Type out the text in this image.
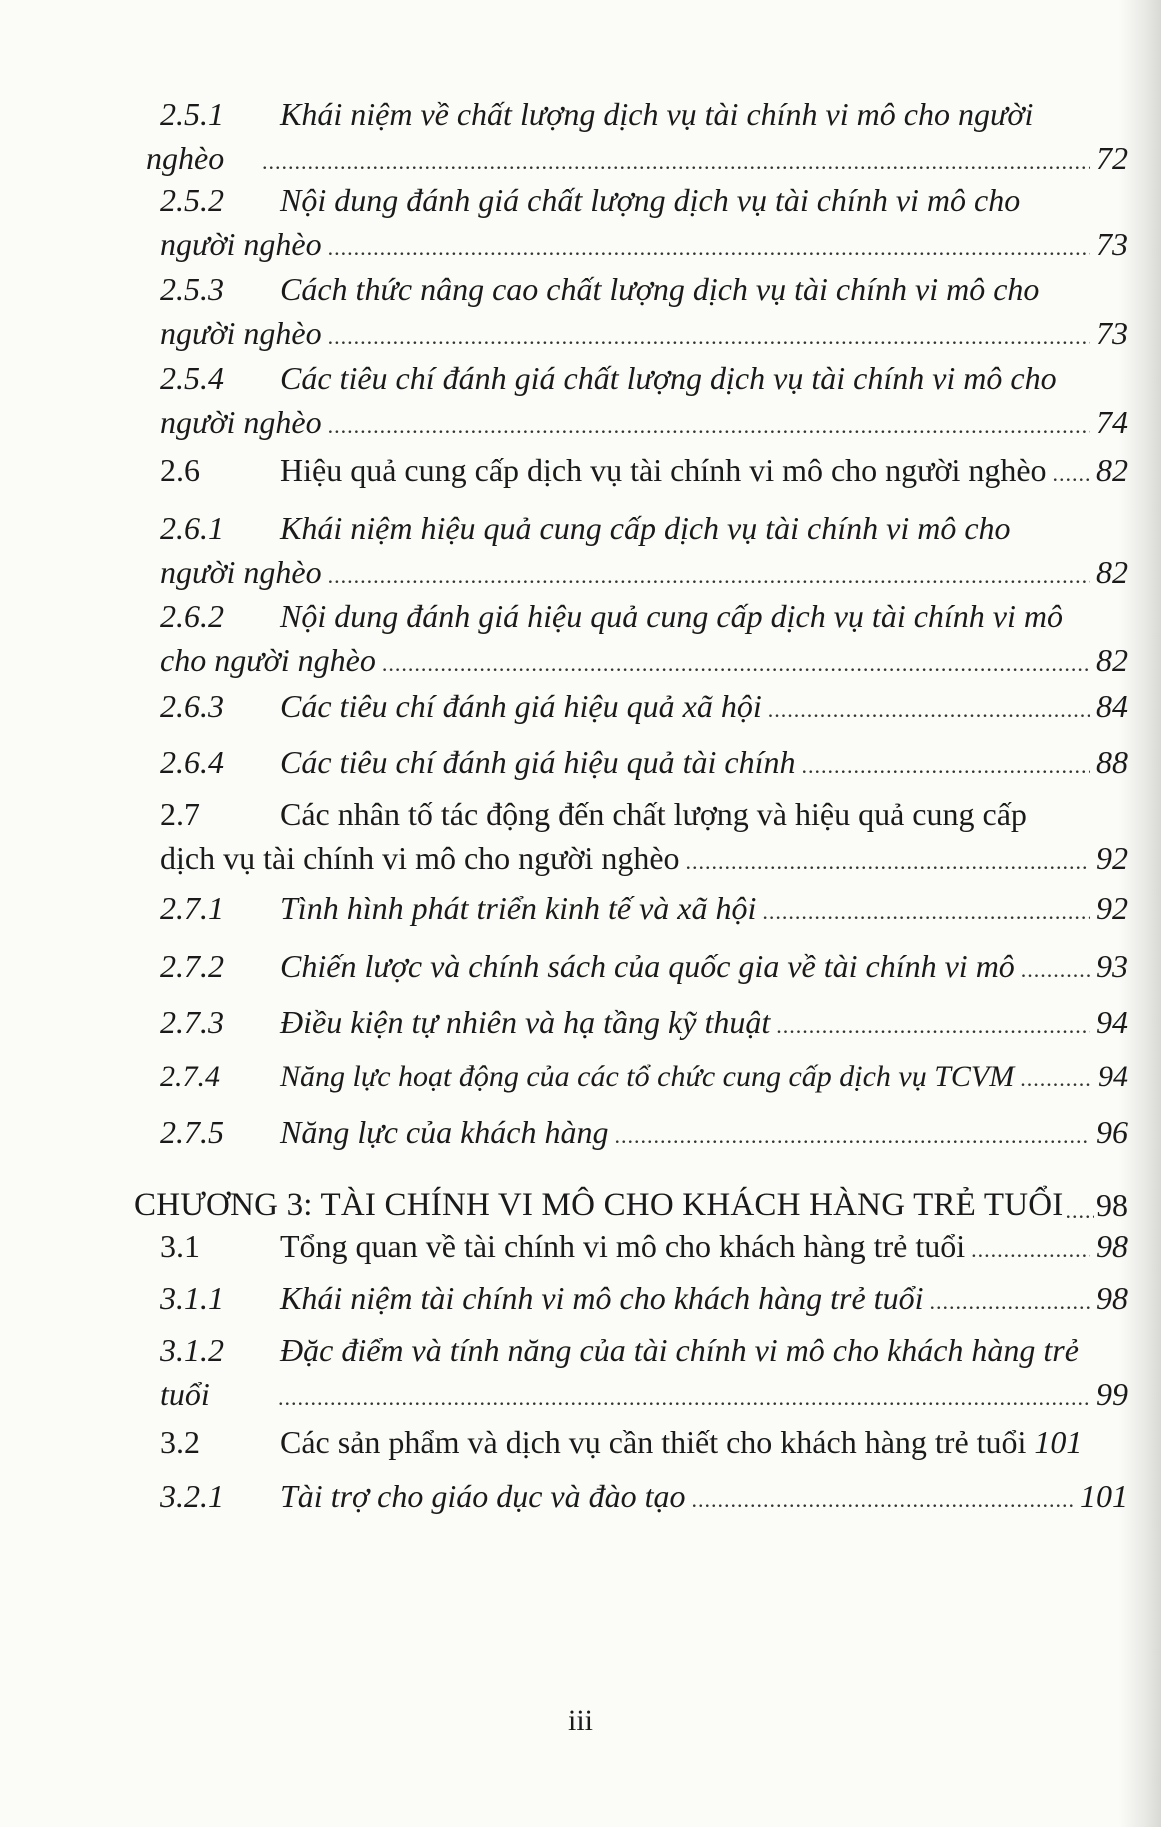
2.5.1	Khái niệm về chất lượng dịch vụ tài chính vi mô cho người
nghèo .....	72
2.5.2	Nội dung đánh giá chất lượng dịch vụ tài chính vi mô cho
người nghèo .....	73
2.5.3	Cách thức nâng cao chất lượng dịch vụ tài chính vi mô cho
người nghèo .....	73
2.5.4	Các tiêu chí đánh giá chất lượng dịch vụ tài chính vi mô cho
người nghèo .....	74
2.6	Hiệu quả cung cấp dịch vụ tài chính vi mô cho người nghèo ..... 82
2.6.1	Khái niệm hiệu quả cung cấp dịch vụ tài chính vi mô cho
người nghèo .....	82
2.6.2	Nội dung đánh giá hiệu quả cung cấp dịch vụ tài chính vi mô
cho người nghèo .....	82
2.6.3	Các tiêu chí đánh giá hiệu quả xã hội .....	84
2.6.4	Các tiêu chí đánh giá hiệu quả tài chính .....	88
2.7	Các nhân tố tác động đến chất lượng và hiệu quả cung cấp
dịch vụ tài chính vi mô cho người nghèo .....	92
2.7.1	Tình hình phát triển kinh tế và xã hội .....	92
2.7.2	Chiến lược và chính sách của quốc gia về tài chính vi mô .....	93
2.7.3	Điều kiện tự nhiên và hạ tầng kỹ thuật .....	94
2.7.4	Năng lực hoạt động của các tổ chức cung cấp dịch vụ TCVM .....	94
2.7.5	Năng lực của khách hàng .....	96
CHƯƠNG 3: TÀI CHÍNH VI MÔ CHO KHÁCH HÀNG TRẺ TUỔI ..... 98
3.1	Tổng quan về tài chính vi mô cho khách hàng trẻ tuổi .....	98
3.1.1	Khái niệm tài chính vi mô cho khách hàng trẻ tuổi .....	98
3.1.2	Đặc điểm và tính năng của tài chính vi mô cho khách hàng trẻ
tuổi .....	99
3.2	Các sản phẩm và dịch vụ cần thiết cho khách hàng trẻ tuổi 101
3.2.1	Tài trợ cho giáo dục và đào tạo .....	101
iii
